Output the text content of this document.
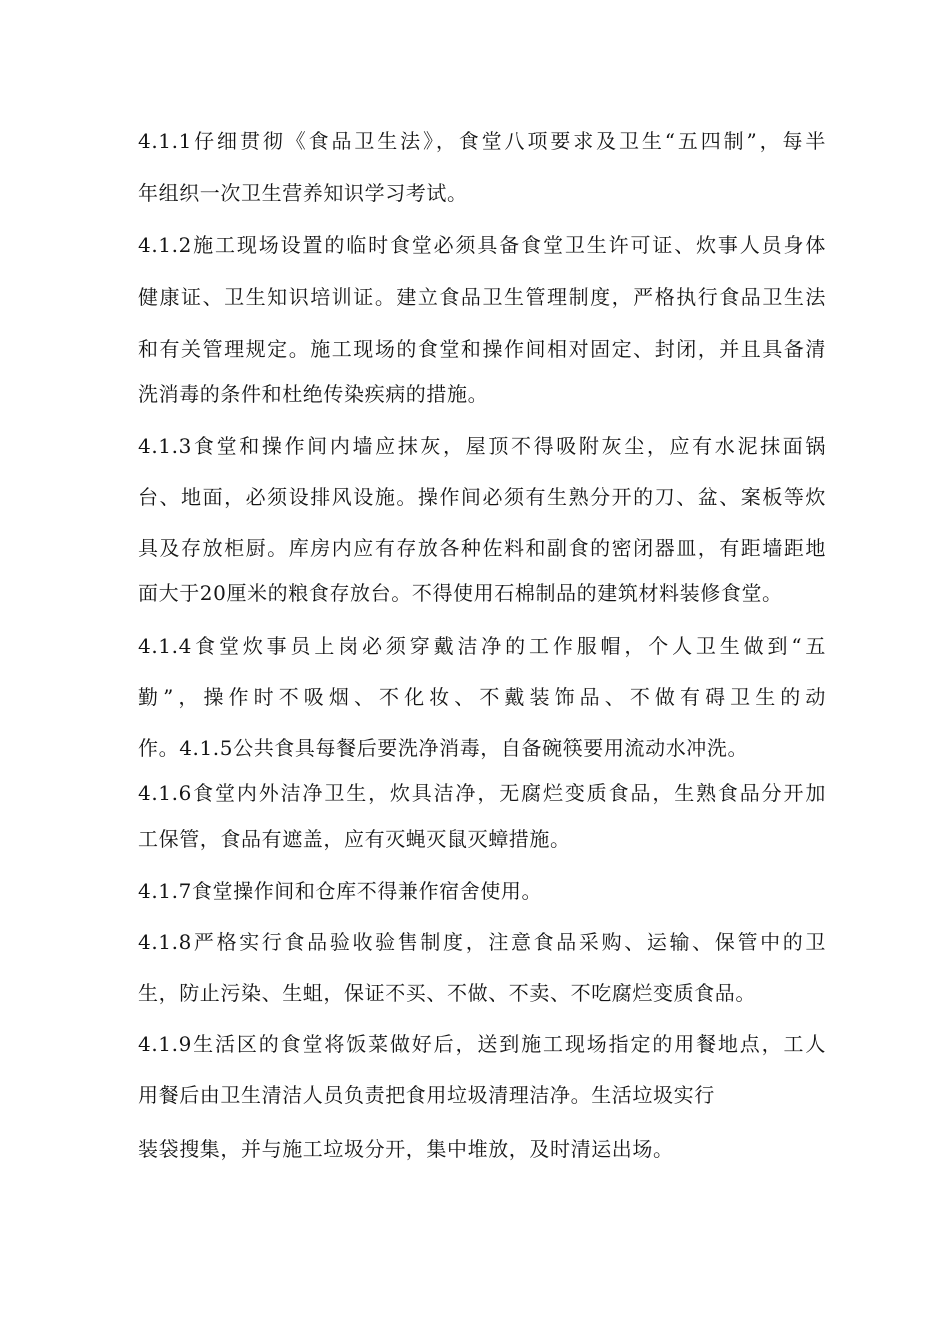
4.1.1仔细贯彻《食品卫生法》，食堂八项要求及卫生“五四制”，每半

年组织一次卫生营养知识学习考试。

4.1.2施工现场设置的临时食堂必须具备食堂卫生许可证、炊事人员身体

健康证、卫生知识培训证。建立食品卫生管理制度，严格执行食品卫生法

和有关管理规定。施工现场的食堂和操作间相对固定、封闭，并且具备清

洗消毒的条件和杜绝传染疾病的措施。

4.1.3食堂和操作间内墙应抹灰，屋顶不得吸附灰尘，应有水泥抹面锅

台、地面，必须设排风设施。操作间必须有生熟分开的刀、盆、案板等炊

具及存放柜厨。库房内应有存放各种佐料和副食的密闭器皿，有距墙距地

面大于20厘米的粮食存放台。不得使用石棉制品的建筑材料装修食堂。

4.1.4食堂炊事员上岗必须穿戴洁净的工作服帽，个人卫生做到“五

勤”，操作时不吸烟、不化妆、不戴装饰品、不做有碍卫生的动

作。4.1.5公共食具每餐后要洗净消毒，自备碗筷要用流动水冲洗。

4.1.6食堂内外洁净卫生，炊具洁净，无腐烂变质食品，生熟食品分开加

工保管，食品有遮盖，应有灭蝇灭鼠灭蟑措施。

4.1.7食堂操作间和仓库不得兼作宿舍使用。

4.1.8严格实行食品验收验售制度，注意食品采购、运输、保管中的卫

生，防止污染、生蛆，保证不买、不做、不卖、不吃腐烂变质食品。

4.1.9生活区的食堂将饭菜做好后，送到施工现场指定的用餐地点，工人

用餐后由卫生清洁人员负责把食用垃圾清理洁净。生活垃圾实行

装袋搜集，并与施工垃圾分开，集中堆放，及时清运出场。
